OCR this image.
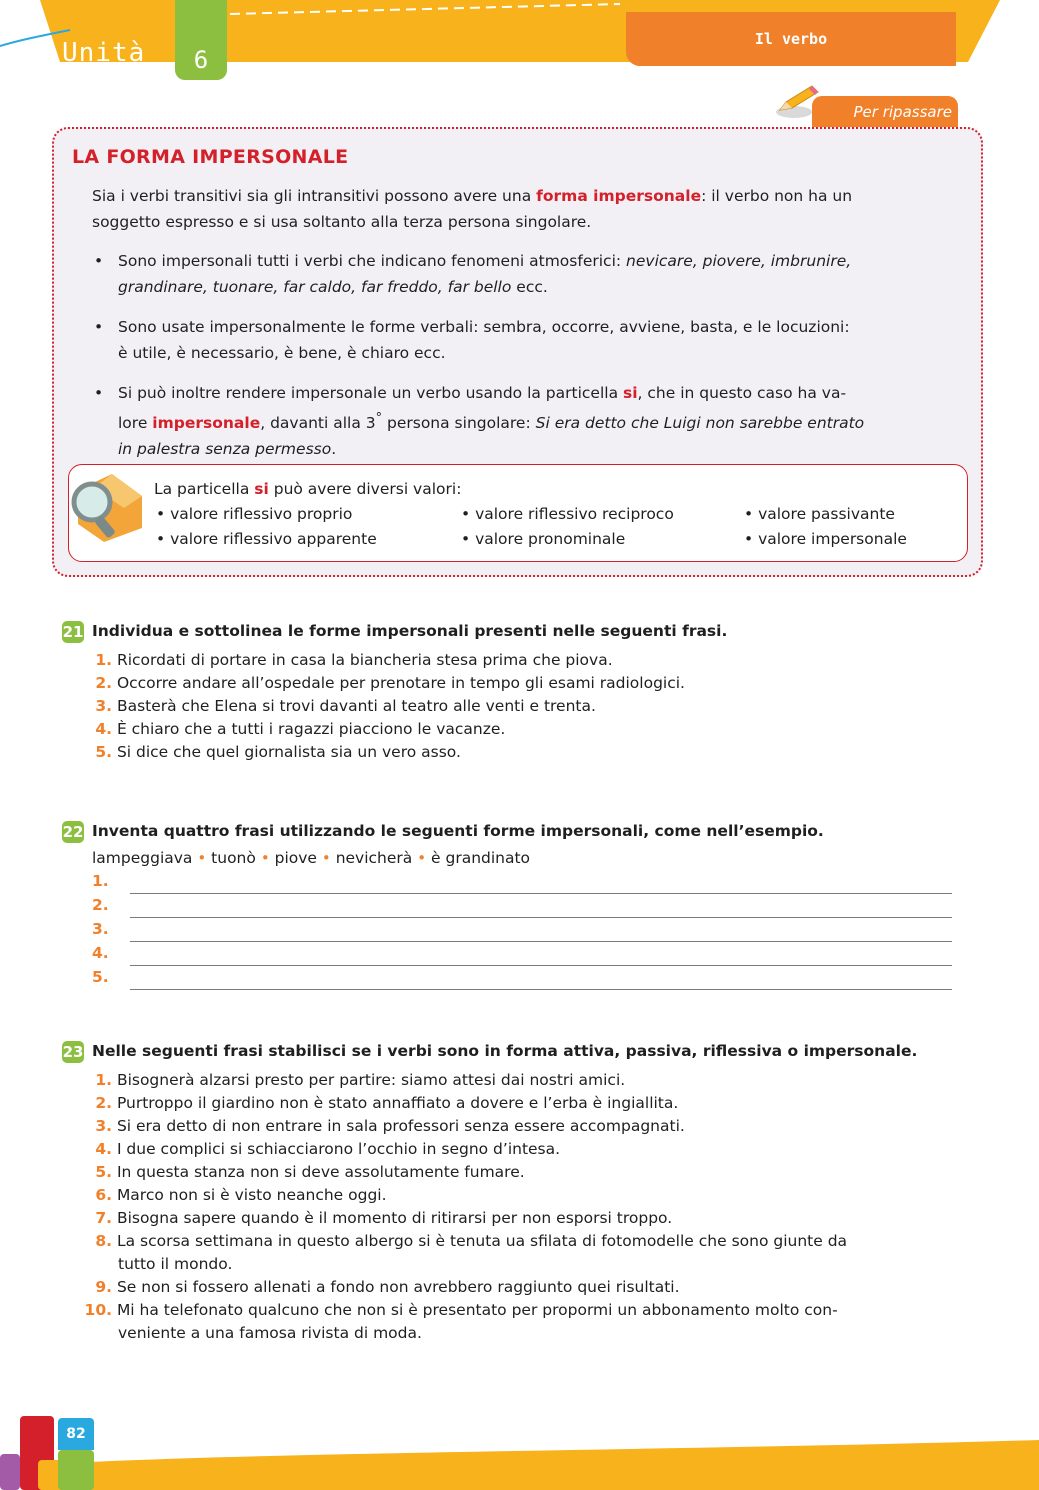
Unità	6
Il verbo
Per ripassare
LA FORMA IMPERSONALE
Sia i verbi transitivi sia gli intransitivi possono avere una forma impersonale: il verbo non ha un
soggetto espresso e si usa soltanto alla terza persona singolare.
• Sono impersonali tutti i verbi che indicano fenomeni atmosferici: nevicare, piovere, imbrunire,
grandinare, tuonare, far caldo, far freddo, far bello ecc.
• Sono usate impersonalmente le forme verbali: sembra, occorre, avviene, basta, e le locuzioni:
è utile, è necessario, è bene, è chiaro ecc.
• Si può inoltre rendere impersonale un verbo usando la particella si, che in questo caso ha va-
lore impersonale, davanti alla 3° persona singolare: Si era detto che Luigi non sarebbe entrato
in palestra senza permesso.
La particella si può avere diversi valori:
• valore riflessivo proprio	• valore riflessivo reciproco	• valore passivante
• valore riflessivo apparente	• valore pronominale	• valore impersonale
21 Individua e sottolinea le forme impersonali presenti nelle seguenti frasi.
1. Ricordati di portare in casa la biancheria stesa prima che piova.
2. Occorre andare all’ospedale per prenotare in tempo gli esami radiologici.
3. Basterà che Elena si trovi davanti al teatro alle venti e trenta.
4. È chiaro che a tutti i ragazzi piacciono le vacanze.
5. Si dice che quel giornalista sia un vero asso.
22 Inventa quattro frasi utilizzando le seguenti forme impersonali, come nell’esempio.
lampeggiava • tuonò • piove • nevicherà • è grandinato
1.
2.
3.
4.
5.
23 Nelle seguenti frasi stabilisci se i verbi sono in forma attiva, passiva, riflessiva o impersonale.
1. Bisognerà alzarsi presto per partire: siamo attesi dai nostri amici.
2. Purtroppo il giardino non è stato annaffiato a dovere e l’erba è ingiallita.
3. Si era detto di non entrare in sala professori senza essere accompagnati.
4. I due complici si schiacciarono l’occhio in segno d’intesa.
5. In questa stanza non si deve assolutamente fumare.
6. Marco non si è visto neanche oggi.
7. Bisogna sapere quando è il momento di ritirarsi per non esporsi troppo.
8. La scorsa settimana in questo albergo si è tenuta ua sfilata di fotomodelle che sono giunte da
tutto il mondo.
9. Se non si fossero allenati a fondo non avrebbero raggiunto quei risultati.
10. Mi ha telefonato qualcuno che non si è presentato per propormi un abbonamento molto con-
veniente a una famosa rivista di moda.
82
